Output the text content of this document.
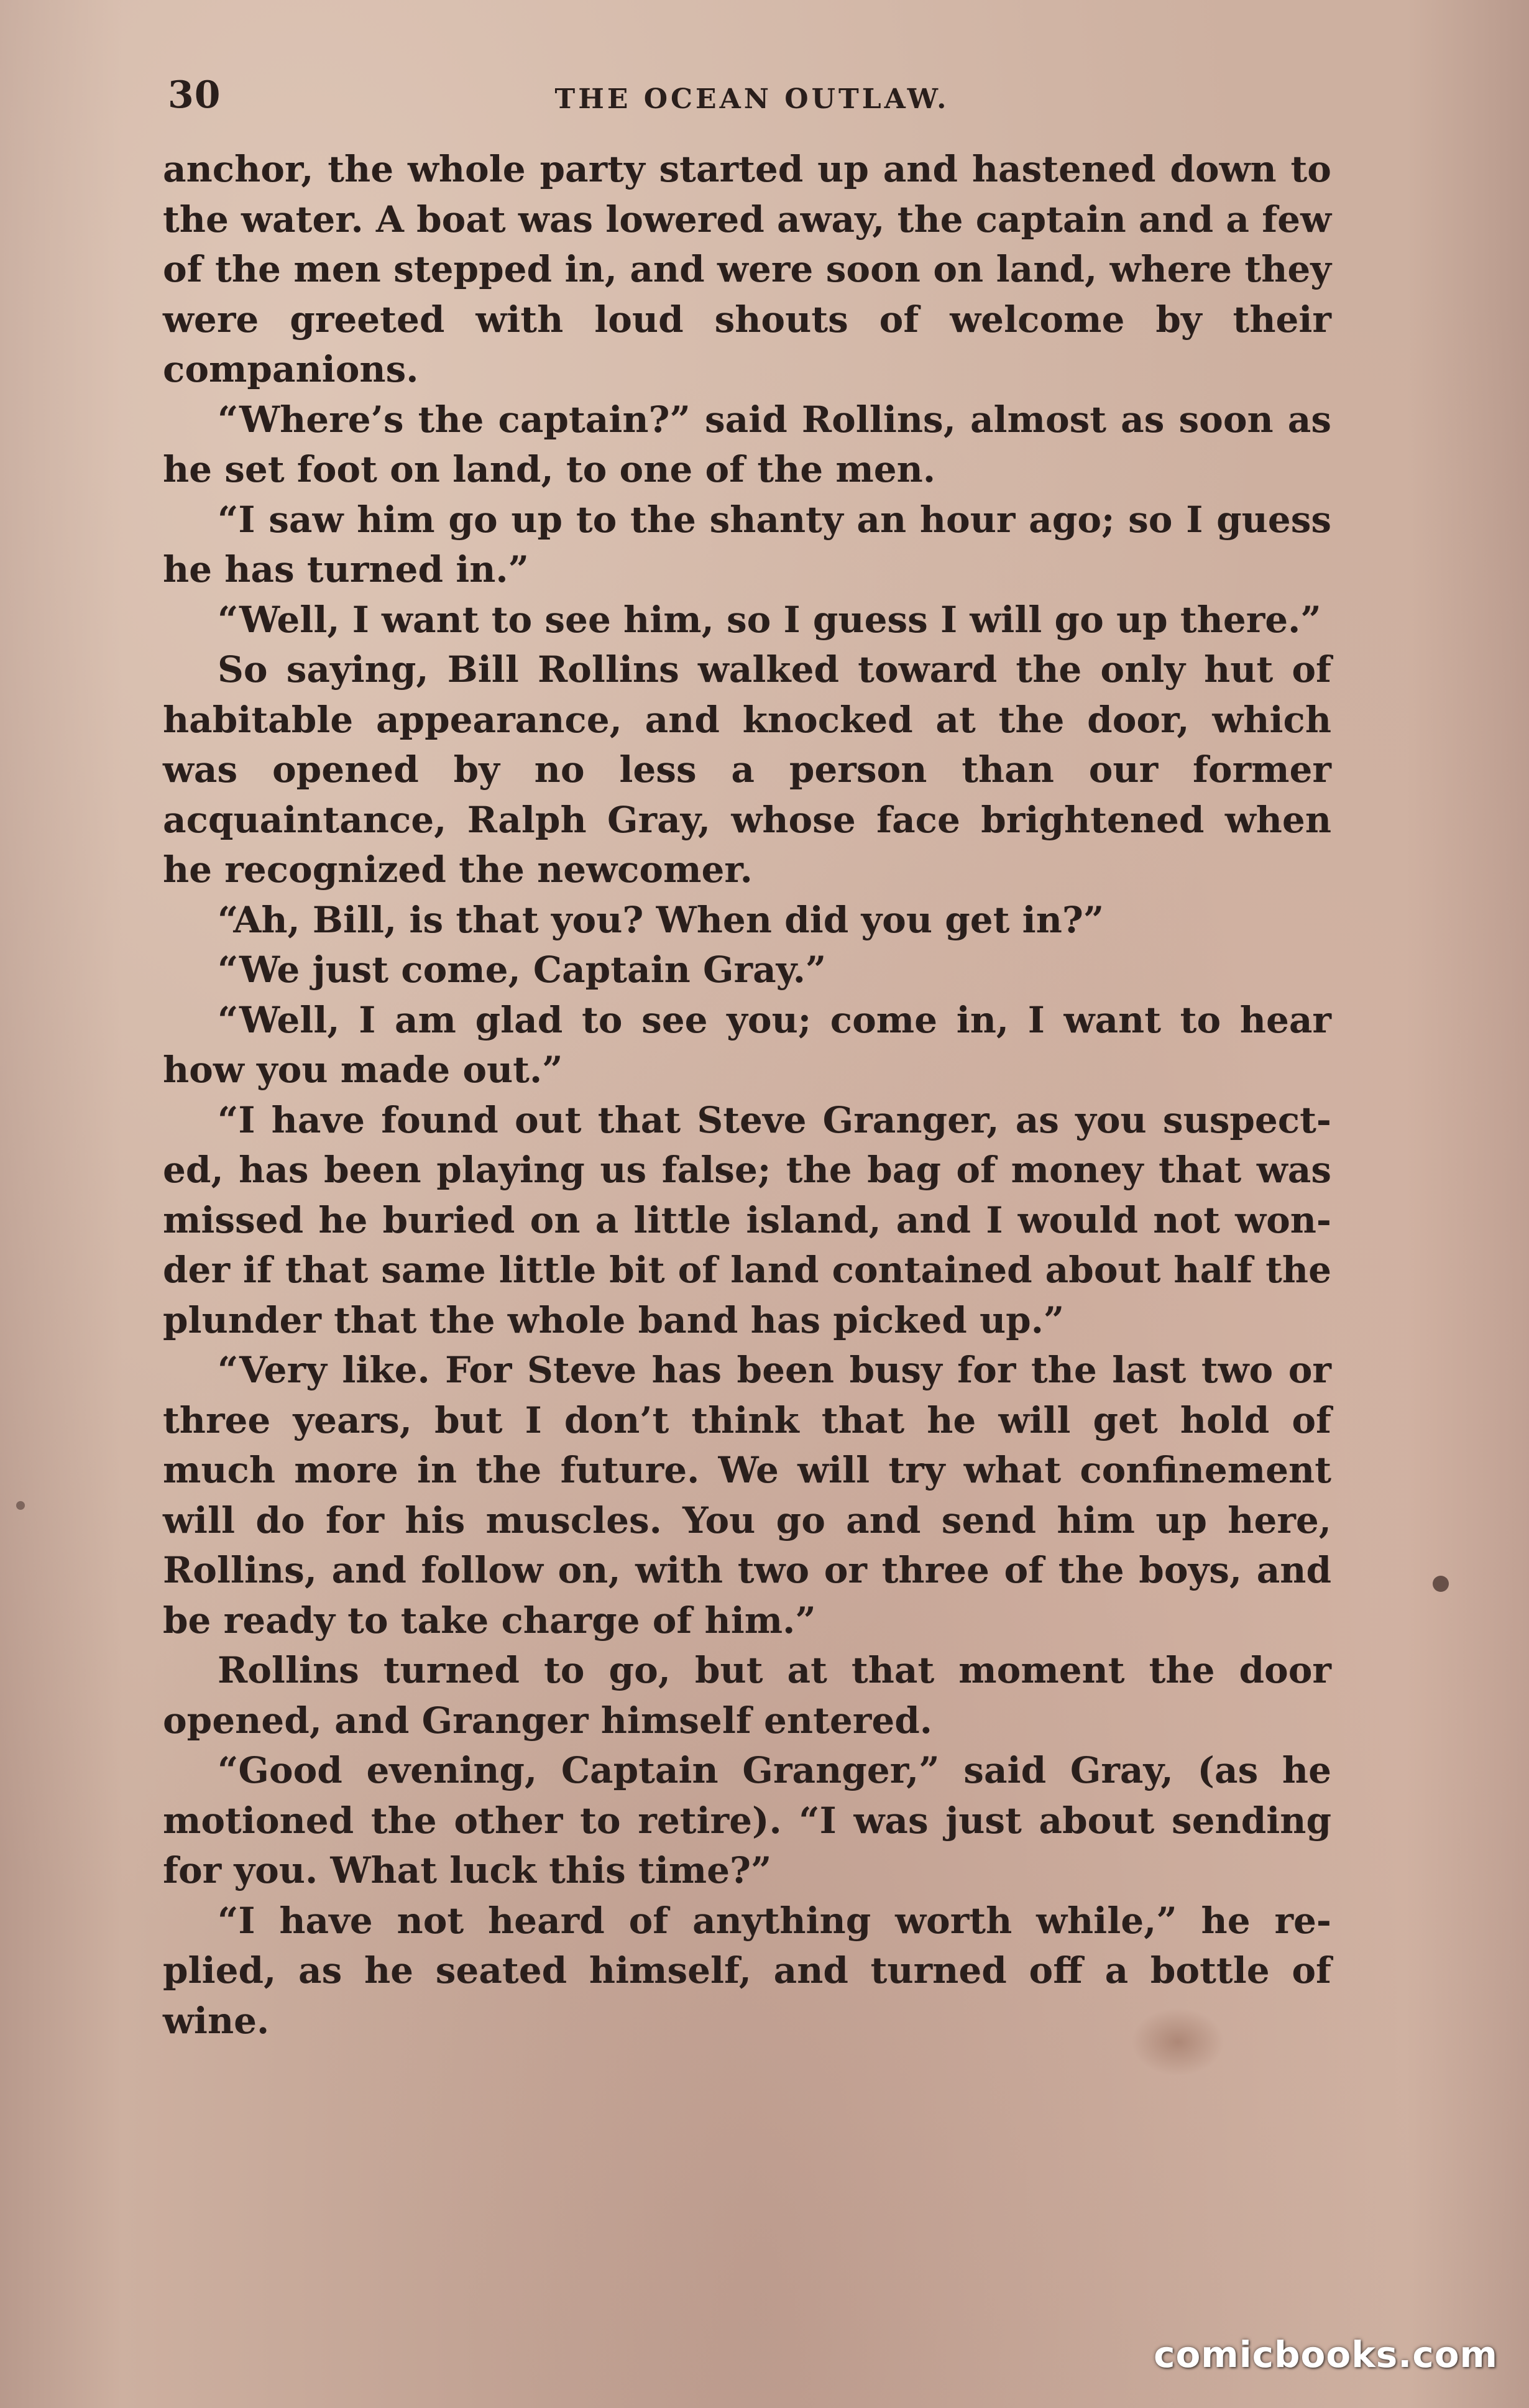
30	THE OCEAN OUTLAW.

anchor, the whole party started up and hastened down to the water. A boat was lowered away, the captain and a few of the men stepped in, and were soon on land, where they were greeted with loud shouts of welcome by their companions.

“Where’s the captain?” said Rollins, almost as soon as he set foot on land, to one of the men.

“I saw him go up to the shanty an hour ago; so I guess he has turned in.”

“Well, I want to see him, so I guess I will go up there.”

So saying, Bill Rollins walked toward the only hut of habitable appearance, and knocked at the door, which was opened by no less a person than our former acquaintance, Ralph Gray, whose face brightened when he recognized the newcomer.

“Ah, Bill, is that you? When did you get in?”

“We just come, Captain Gray.”

“Well, I am glad to see you; come in, I want to hear how you made out.”

“I have found out that Steve Granger, as you suspect-ed, has been playing us false; the bag of money that was missed he buried on a little island, and I would not won-der if that same little bit of land contained about half the plunder that the whole band has picked up.”

“Very like. For Steve has been busy for the last two or three years, but I don’t think that he will get hold of much more in the future. We will try what confinement will do for his muscles. You go and send him up here, Rollins, and follow on, with two or three of the boys, and be ready to take charge of him.”

Rollins turned to go, but at that moment the door opened, and Granger himself entered.

“Good evening, Captain Granger,” said Gray, (as he motioned the other to retire). “I was just about sending for you. What luck this time?”

“I have not heard of anything worth while,” he re-plied, as he seated himself, and turned off a bottle of wine.

comicbooks.com
